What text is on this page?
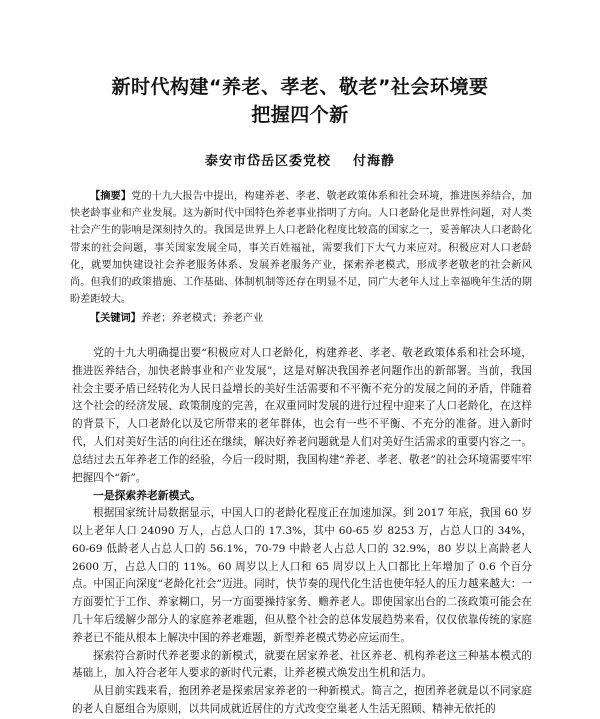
新时代构建“养老、孝老、敬老”社会环境要
把握四个新
泰安市岱岳区委党校 付海静

【摘要】党的十九大报告中提出，构建养老、孝老、敬老政策体系和社会环境，推进医养结合，加快老龄事业和产业发展。这为新时代中国特色养老事业指明了方向。人口老龄化是世界性问题，对人类社会产生的影响是深刻持久的。我国是世界上人口老龄化程度比较高的国家之一，妥善解决人口老龄化带来的社会问题，事关国家发展全局，事关百姓福祉，需要我们下大气力来应对。积极应对人口老龄化，就要加快建设社会养老服务体系、发展养老服务产业，探索养老模式，形成孝老敬老的社会新风尚。但我们的政策措施、工作基础、体制机制等还存在明显不足，同广大老年人过上幸福晚年生活的期盼差距较大。

【关键词】养老；养老模式；养老产业

党的十九大明确提出要“积极应对人口老龄化，构建养老、孝老、敬老政策体系和社会环境，推进医养结合，加快老龄事业和产业发展”，这是对解决我国养老问题作出的新部署。当前，我国社会主要矛盾已经转化为人民日益增长的美好生活需要和不平衡不充分的发展之间的矛盾，伴随着这个社会的经济发展、政策制度的完善，在双重同时发展的进行过程中迎来了人口老龄化，在这样的背景下，人口老龄化以及它所带来的老年群体，也会有一些不平衡、不充分的准备。进入新时代，人们对美好生活的向往还在继续，解决好养老问题就是人们对美好生活需求的重要内容之一。总结过去五年养老工作的经验，今后一段时期，我国构建“养老、孝老、敬老”的社会环境需要牢牢把握四个“新”。

一是探索养老新模式。

根据国家统计局数据显示，中国人口的老龄化程度正在加速加深。到 2017 年底，我国 60 岁以上老年人口 24090 万人，占总人口的 17.3%，其中 60-65 岁 8253 万，占总人口的 34%，60-69 低龄老人占总人口的 56.1%，70-79 中龄老人占总人口的 32.9%，80 岁以上高龄老人 2600 万，占总人口的 11%。60 周岁以上人口和 65 周岁以上人口都比上年增加了 0.6 个百分点。中国正向深度“老龄化社会”迈进。同时，快节奏的现代化生活也使年轻人的压力越来越大：一方面要忙于工作、养家糊口，另一方面要操持家务、赡养老人。即使国家出台的二孩政策可能会在几十年后缓解少部分人的家庭养老难题，但从整个社会的总体发展趋势来看，仅仅依靠传统的家庭养老已不能从根本上解决中国的养老难题，新型养老模式势必应运而生。

探索符合新时代养老要求的新模式，就要在居家养老、社区养老、机构养老这三种基本模式的基础上，加入符合老年人要求的新时代元素，让养老模式焕发出生机和活力。

从目前实践来看，抱团养老是探索居家养老的一种新模式。简言之，抱团养老就是以不同家庭的老人自愿组合为原则，以共同成就近居住的方式改变空巢老人生活无照顾、精神无依托的
